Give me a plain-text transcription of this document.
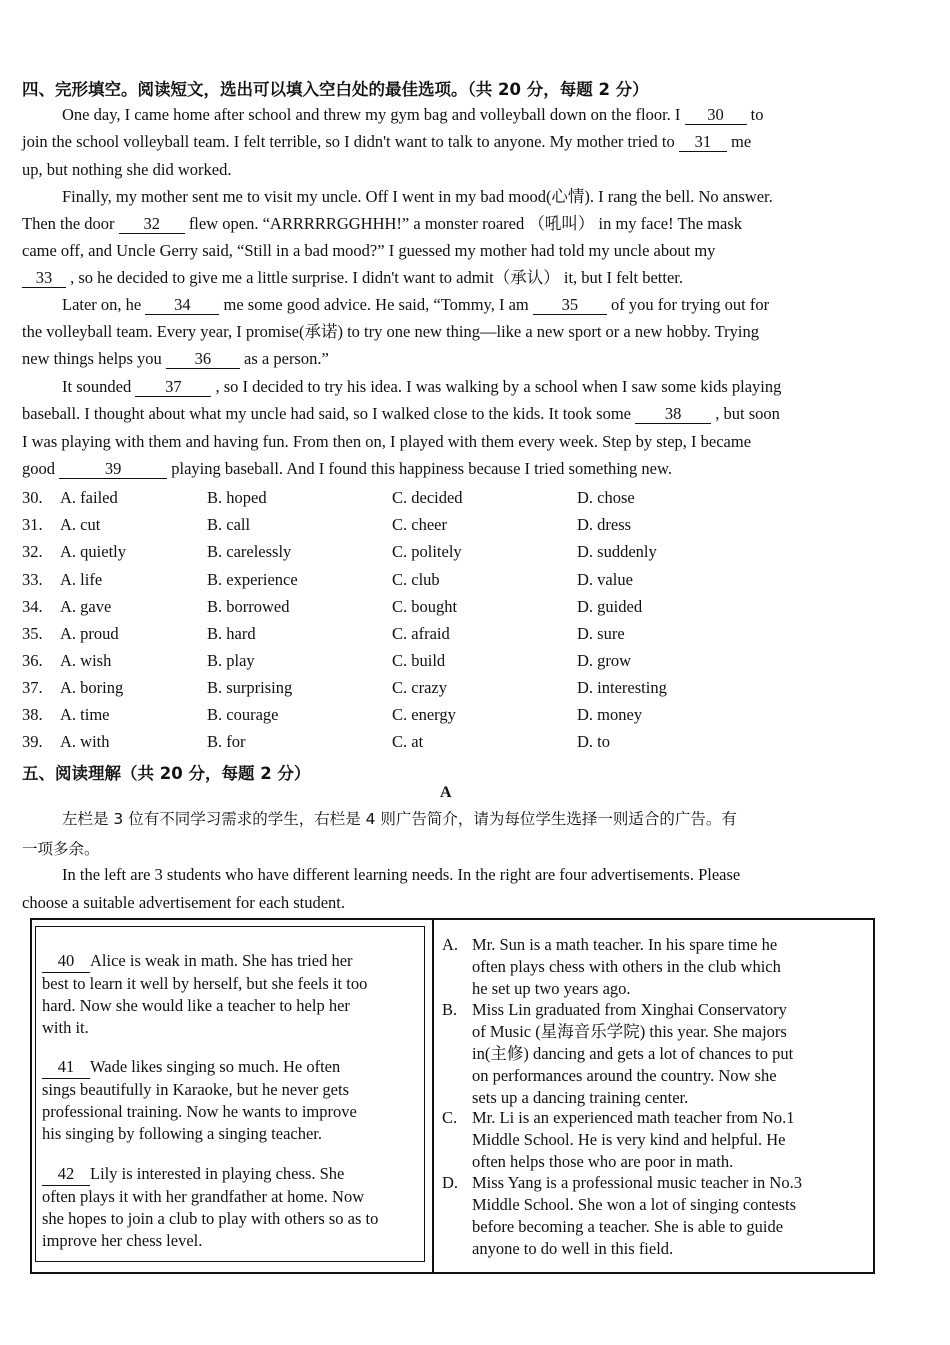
四、完形填空。阅读短文，选出可以填入空白处的最佳选项。（共 20 分，每题 2 分）
One day, I came home after school and threw my gym bag and volleyball down on the floor. I 30 to
join the school volleyball team. I felt terrible, so I didn't want to talk to anyone. My mother tried to 31 me
up, but nothing she did worked.
Finally, my mother sent me to visit my uncle. Off I went in my bad mood(心情). I rang the bell. No answer.
Then the door 32 flew open. “ARRRRRGGHHH!” a monster roared （吼叫） in my face! The mask
came off, and Uncle Gerry said, “Still in a bad mood?” I guessed my mother had told my uncle about my
33 , so he decided to give me a little surprise. I didn't want to admit（承认） it, but I felt better.
Later on, he 34 me some good advice. He said, “Tommy, I am 35 of you for trying out for
the volleyball team. Every year, I promise(承诺) to try one new thing—like a new sport or a new hobby. Trying
new things helps you 36 as a person.”
It sounded 37 , so I decided to try his idea. I was walking by a school when I saw some kids playing
baseball. I thought about what my uncle had said, so I walked close to the kids. It took some 38 , but soon
I was playing with them and having fun. From then on, I played with them every week. Step by step, I became
good	39	playing baseball. And I found this happiness because I tried something new.
30. A. failed	B. hoped	C. decided	D. chose
31. A. cut	B. call	C. cheer	D. dress
32. A. quietly	B. carelessly	C. politely	D. suddenly
33. A. life	B. experience	C. club	D. value
34. A. gave	B. borrowed	C. bought	D. guided
35. A. proud	B. hard	C. afraid	D. sure
36. A. wish	B. play	C. build	D. grow
37. A. boring	B. surprising	C. crazy	D. interesting
38. A. time	B. courage	C. energy	D. money
39. A. with	B. for	C. at	D. to
五、阅读理解（共 20 分，每题 2 分）
A
左栏是 3 位有不同学习需求的学生，右栏是 4 则广告简介，请为每位学生选择一则适合的广告。有
一项多余。
In the left are 3 students who have different learning needs. In the right are four advertisements. Please
choose a suitable advertisement for each student.
40 Alice is weak in math. She has tried her
best to learn it well by herself, but she feels it too
hard. Now she would like a teacher to help her
with it.
41 Wade likes singing so much. He often
sings beautifully in Karaoke, but he never gets
professional training. Now he wants to improve
his singing by following a singing teacher.
42 Lily is interested in playing chess. She
often plays it with her grandfather at home. Now
she hopes to join a club to play with others so as to
improve her chess level.
A. Mr. Sun is a math teacher. In his spare time he
often plays chess with others in the club which
he set up two years ago.
B. Miss Lin graduated from Xinghai Conservatory
of Music (星海音乐学院) this year. She majors
in(主修) dancing and gets a lot of chances to put
on performances around the country. Now she
sets up a dancing training center.
C. Mr. Li is an experienced math teacher from No.1
Middle School. He is very kind and helpful. He
often helps those who are poor in math.
D. Miss Yang is a professional music teacher in No.3
Middle School. She won a lot of singing contests
before becoming a teacher. She is able to guide
anyone to do well in this field.
